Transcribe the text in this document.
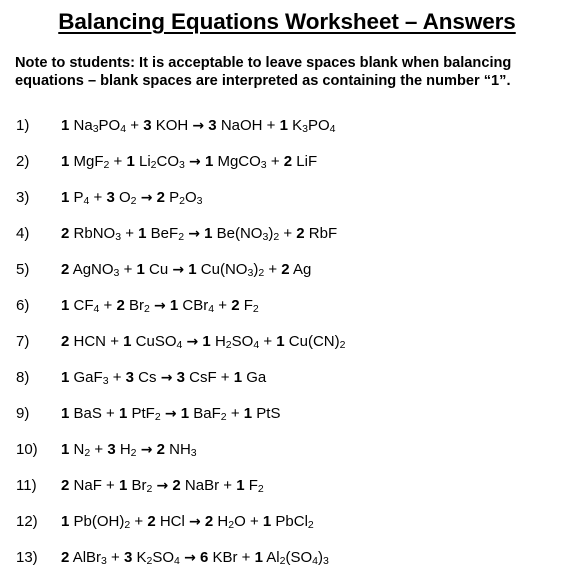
Balancing Equations Worksheet – Answers
Note to students: It is acceptable to leave spaces blank when balancing
equations – blank spaces are interpreted as containing the number “1”.
1) 1 $Na_3PO_4 + 3$ KOH → 3 NaOH + 1 $K_3PO_4$
2) 1 MgF$_2$ + 1 $Li_2CO_3 \to 1$ MgCO$_3$ + 2 LiF
3) 1 $P_4 + 3$ $O_2 \to 2$ $P_2O_3$
4) 2 RbNO$_3$ + 1 BeF$_2$ → 1 $Be(NO_3)_2 + 2$ RbF
5) 2 AgNO$_3$ + 1 Cu → 1 $Cu(NO_3)_2 + 2$ Ag
6) 1 $CF_4 + 2$ $Br_2 \to 1$ CBr$_4$ + 2 $F_2$
7) 2 HCN + 1 CuSO$_4$ → 1 $H_2SO_4 + 1$ $Cu(CN)_2$
8) 1 GaF$_3$ + 3 Cs → 3 CsF + 1 Ga
9) 1 BaS + 1 PtF$_2$ → 1 BaF$_2$ + 1 PtS
10) 1 $N_2 + 3$ $H_2 \to 2$ $NH_3$
11) 2 NaF + 1 $Br_2 \to 2$ NaBr + 1 $F_2$
12) 1 $Pb(OH)_2 + 2$ HCl → 2 $H_2O + 1$ PbCl$_2$
13) 2 AlBr$_3$ + 3 $K_2SO_4 \to 6$ KBr + 1 $Al_2(SO_4)_3$
